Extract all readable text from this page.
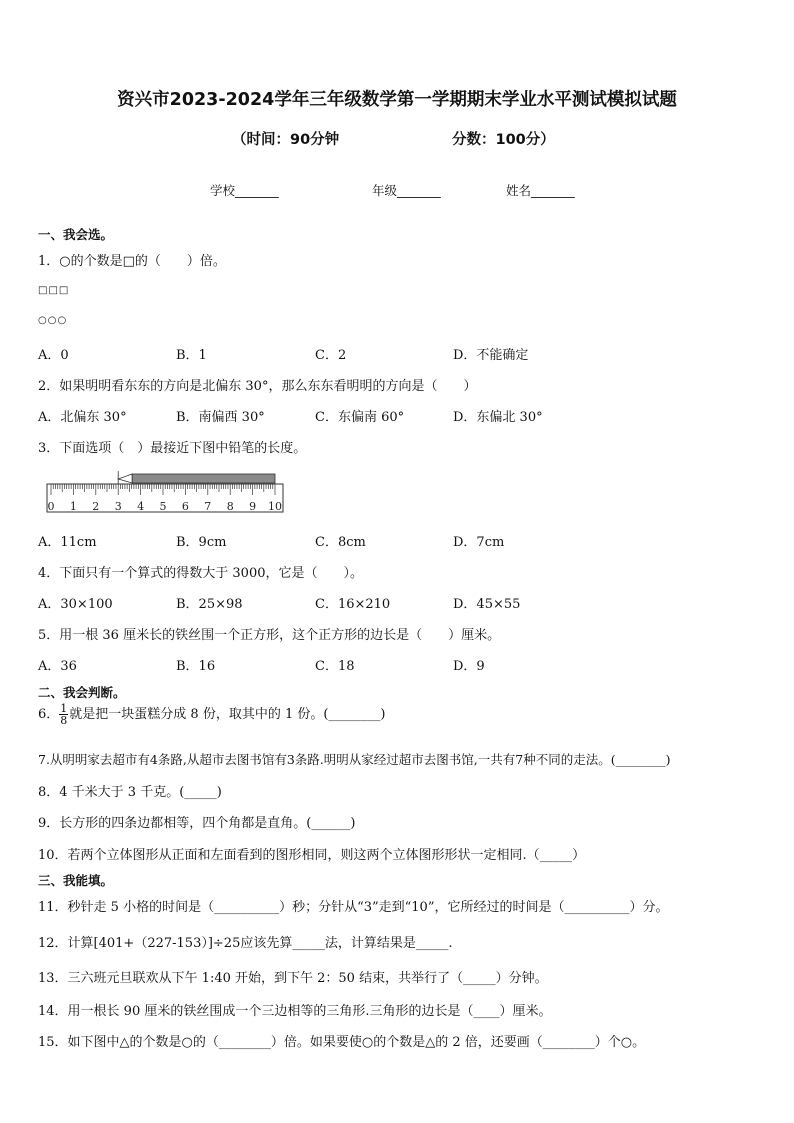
资兴市2023-2024学年三年级数学第一学期期末学业水平测试模拟试题
（时间：90分钟	分数：100分）
学校_______	年级_______	姓名_______
一、我会选。
1．○的个数是□的（　　）倍。
□□□
○○○
A．0	B．1	C．2	D．不能确定
2．如果明明看东东的方向是北偏东 30°，那么东东看明明的方向是（　　）
A．北偏东 30°	B．南偏西 30°	C．东偏南 60°	D．东偏北 30°
3．下面选项（　）最接近下图中铅笔的长度。
0 1 2 3 4 5 6 7 8 9 10
A．11cm	B．9cm	C．8cm	D．7cm
4．下面只有一个算式的得数大于 3000，它是（　　）。
A．30×100	B．25×98	C．16×210	D．45×55
5．用一根 36 厘米长的铁丝围一个正方形，这个正方形的边长是（　　）厘米。
A．36	B．16	C．18	D．9
二、我会判断。
6． $\frac{1}{8}$ 就是把一块蛋糕分成 8 份，取其中的 1 份。(________)
7.从明明家去超市有4条路,从超市去图书馆有3条路.明明从家经过超市去图书馆,一共有7种不同的走法。(________)
8．4 千米大于 3 千克。(_____)
9．长方形的四条边都相等，四个角都是直角。(______)
10．若两个立体图形从正面和左面看到的图形相同，则这两个立体图形形状一定相同.（_____）
三、我能填。
11．秒针走 5 小格的时间是（__________）秒；分针从“3”走到“10”，它所经过的时间是（__________）分。
12．计算[401+（227-153）]÷25应该先算_____法，计算结果是_____.
13．三六班元旦联欢从下午 1:40 开始，到下午 2：50 结束，共举行了（_____）分钟。
14．用一根长 90 厘米的铁丝围成一个三边相等的三角形.三角形的边长是（____）厘米。
15．如下图中△的个数是○的（________）倍。如果要使○的个数是△的 2 倍，还要画（________）个○。
